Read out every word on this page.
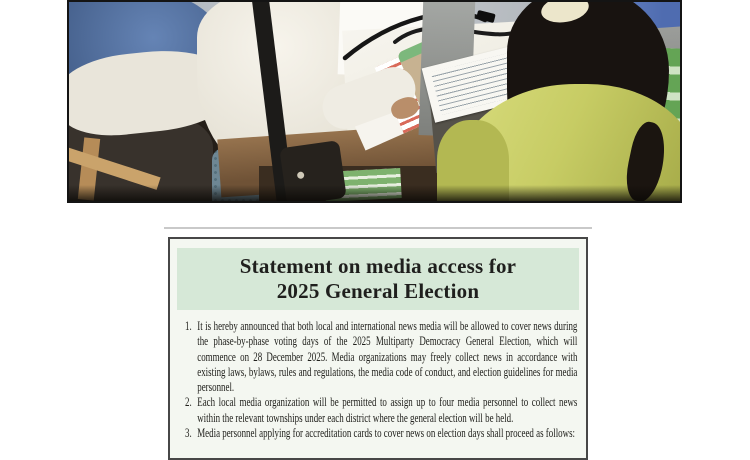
Statement on media access for
2025 General Election
1. It is hereby announced that both local and international news media will be allowed to cover news during the phase-by-phase voting days of the 2025 Multiparty Democracy General Election, which will commence on 28 December 2025. Media organizations may freely collect news in accordance with existing laws, bylaws, rules and regulations, the media code of conduct, and election guidelines for media personnel.
2. Each local media organization will be permitted to assign up to four media personnel to collect news within the relevant townships under each district where the general election will be held.
3. Media personnel applying for accreditation cards to cover news on election days shall proceed as follows:
